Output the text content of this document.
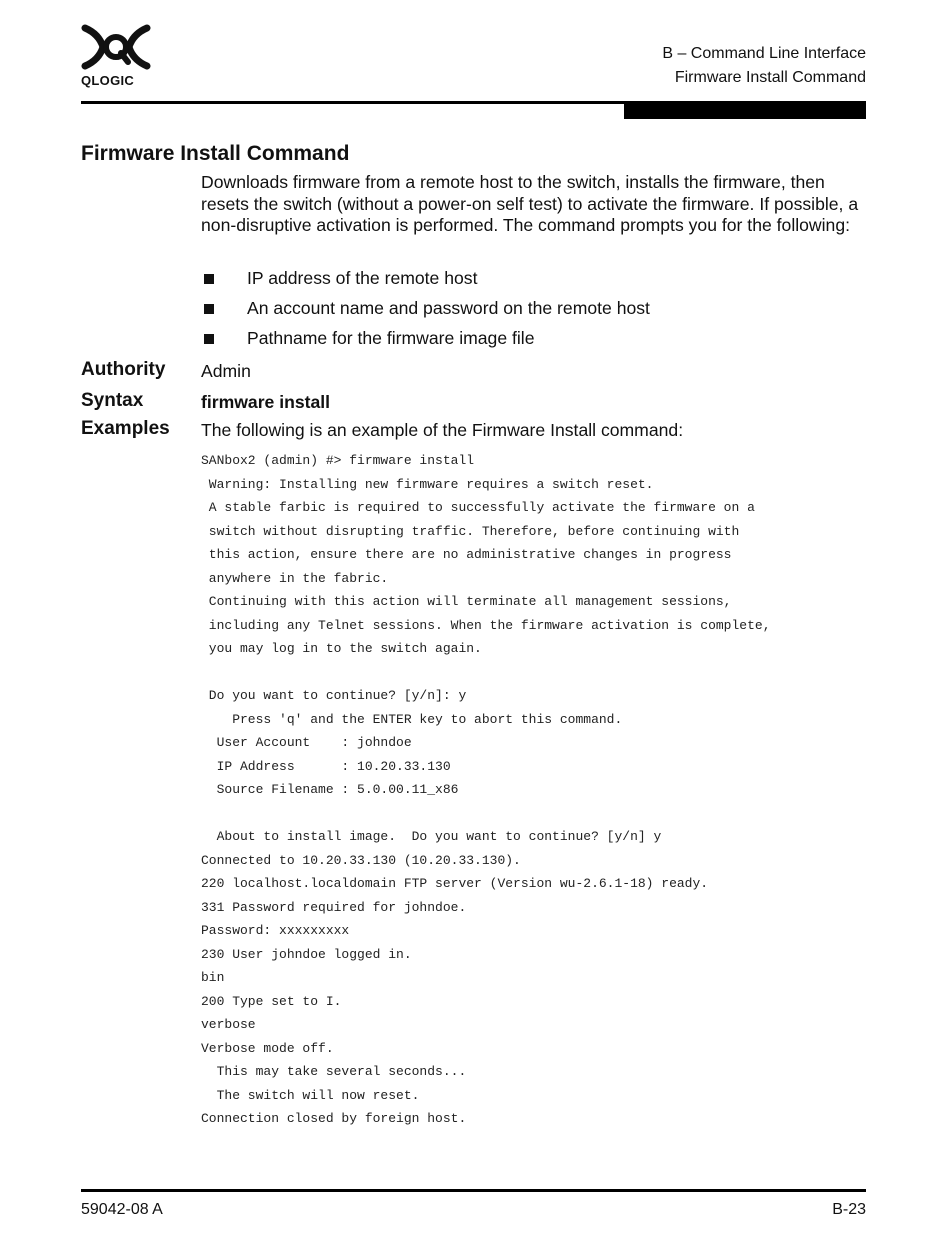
QLOGIC
B – Command Line Interface
Firmware Install Command
Firmware Install Command
Downloads firmware from a remote host to the switch, installs the firmware, then resets the switch (without a power-on self test) to activate the firmware. If possible, a non-disruptive activation is performed. The command prompts you for the following:
IP address of the remote host
An account name and password on the remote host
Pathname for the firmware image file
Authority Admin
Syntax	firmware install
Examples The following is an example of the Firmware Install command:
SANbox2 (admin) #> firmware install
Warning: Installing new firmware requires a switch reset.
A stable farbic is required to successfully activate the firmware on a
switch without disrupting traffic. Therefore, before continuing with
this action, ensure there are no administrative changes in progress
anywhere in the fabric.
Continuing with this action will terminate all management sessions,
including any Telnet sessions. When the firmware activation is complete,
you may log in to the switch again.

Do you want to continue? [y/n]: y
Press 'q' and the ENTER key to abort this command.
User Account    : johndoe
IP Address      : 10.20.33.130
Source Filename : 5.0.00.11_x86

About to install image.  Do you want to continue? [y/n] y
Connected to 10.20.33.130 (10.20.33.130).
220 localhost.localdomain FTP server (Version wu-2.6.1-18) ready.
331 Password required for johndoe.
Password: xxxxxxxxx
230 User johndoe logged in.
bin
200 Type set to I.
verbose
Verbose mode off.
This may take several seconds...
The switch will now reset.
Connection closed by foreign host.
59042-08 A	B-23
